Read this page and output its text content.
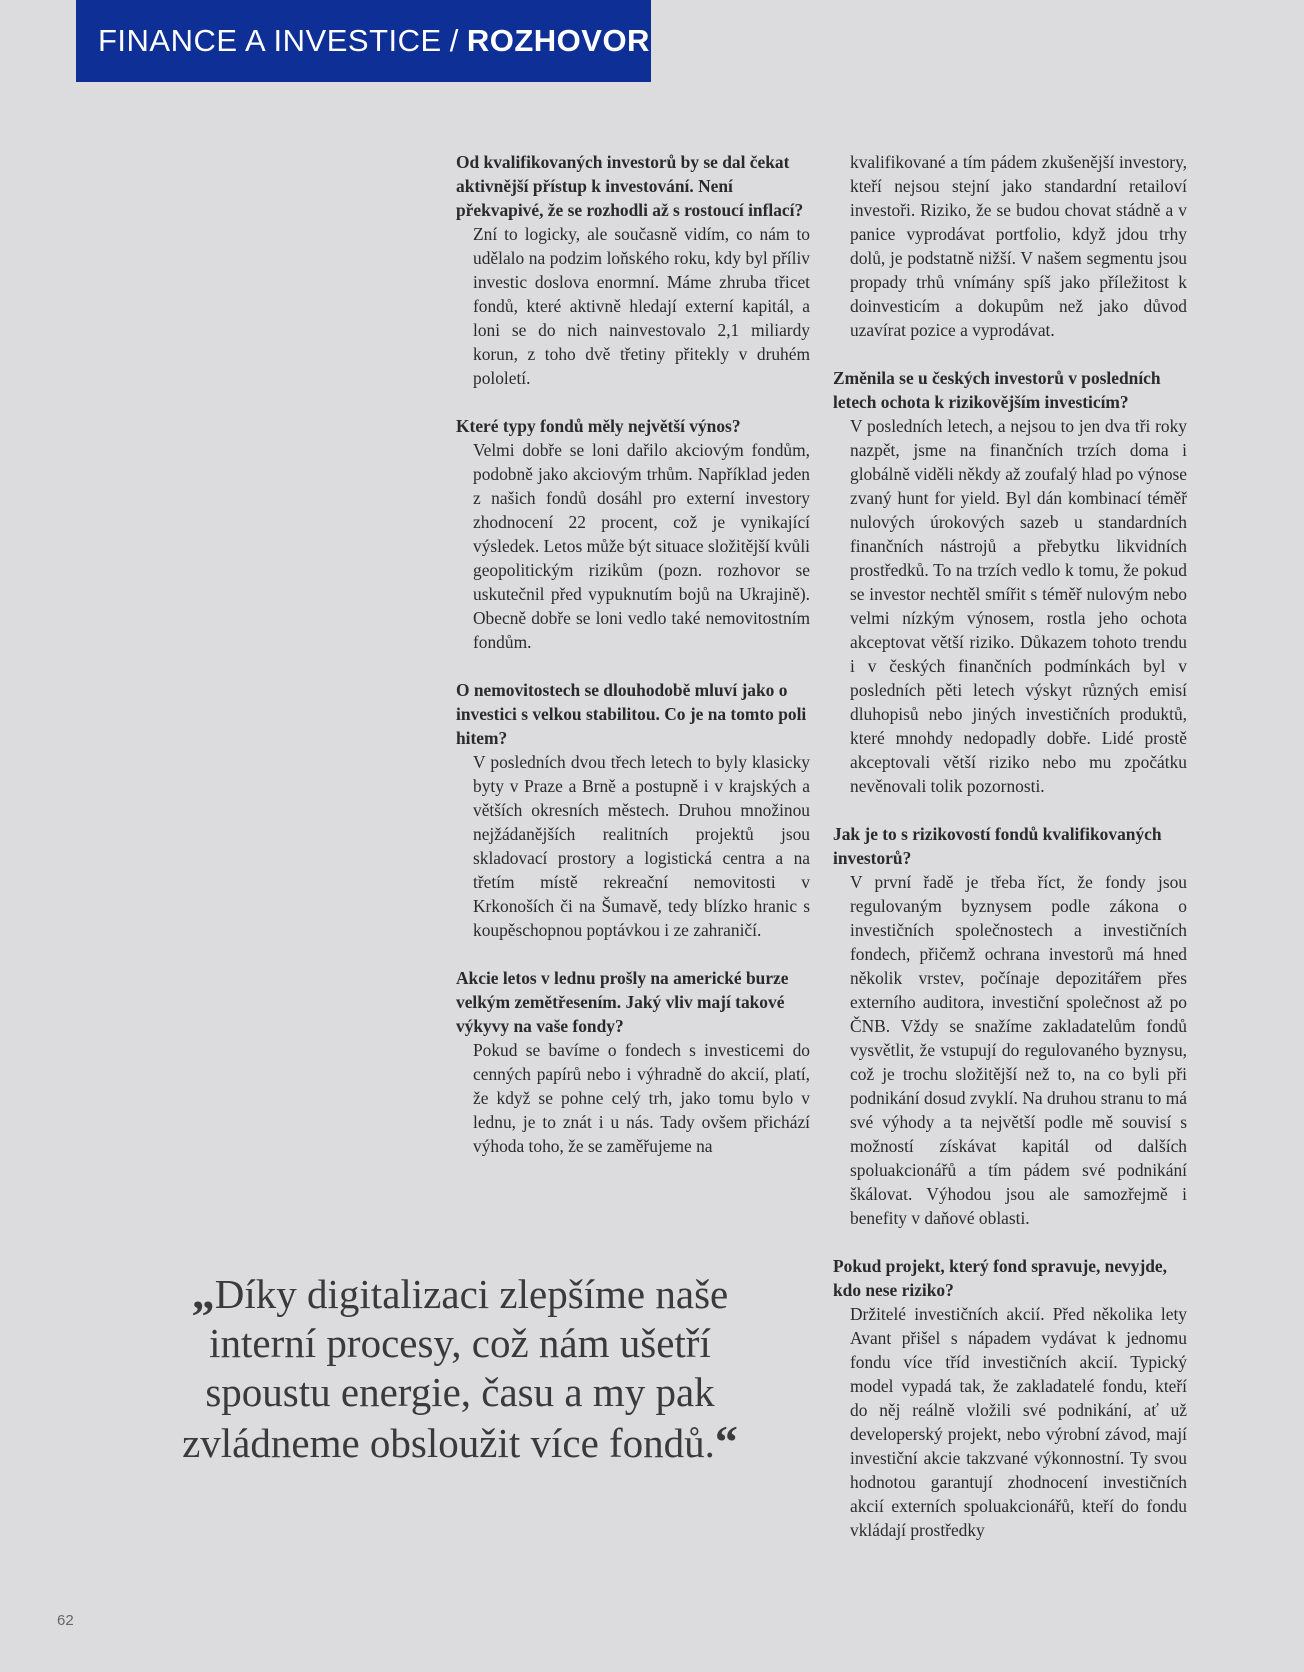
FINANCE A INVESTICE / ROZHOVOR

Od kvalifikovaných investorů by se dal čekat aktivnější přístup k investování. Není překvapivé, že se rozhodli až s rostoucí inflací?

Zní to logicky, ale současně vidím, co nám to udělalo na podzim loňského roku, kdy byl příliv investic doslova enormní. Máme zhruba třicet fondů, které aktivně hledají externí kapitál, a loni se do nich nainvestovalo 2,1 miliardy korun, z toho dvě třetiny přitekly v druhém pololetí.

Které typy fondů měly největší výnos?

Velmi dobře se loni dařilo akciovým fondům, podobně jako akciovým trhům. Například jeden z našich fondů dosáhl pro externí investory zhodnocení 22 procent, což je vynikající výsledek. Letos může být situace složitější kvůli geopolitickým rizikům (pozn. rozhovor se uskutečnil před vypuknutím bojů na Ukrajině). Obecně dobře se loni vedlo také nemovitostním fondům.

O nemovitostech se dlouhodobě mluví jako o investici s velkou stabilitou. Co je na tomto poli hitem?

V posledních dvou třech letech to byly klasicky byty v Praze a Brně a postupně i v krajských a větších okresních městech. Druhou množinou nejžádanějších realitních projektů jsou skladovací prostory a logistická centra a na třetím místě rekreační nemovitosti v Krkonoších či na Šumavě, tedy blízko hranic s koupěschopnou poptávkou i ze zahraničí.

Akcie letos v lednu prošly na americké burze velkým zemětřesením. Jaký vliv mají takové výkyvy na vaše fondy?

Pokud se bavíme o fondech s investicemi do cenných papírů nebo i výhradně do akcií, platí, že když se pohne celý trh, jako tomu bylo v lednu, je to znát i u nás. Tady ovšem přichází výhoda toho, že se zaměřujeme na

kvalifikované a tím pádem zkušenější investory, kteří nejsou stejní jako standardní retailoví investoři. Riziko, že se budou chovat stádně a v panice vyprodávat portfolio, když jdou trhy dolů, je podstatně nižší. V našem segmentu jsou propady trhů vnímány spíš jako příležitost k doinvesticím a dokupům než jako důvod uzavírat pozice a vyprodávat.

Změnila se u českých investorů v posledních letech ochota k rizikovějším investicím?

V posledních letech, a nejsou to jen dva tři roky nazpět, jsme na finančních trzích doma i globálně viděli někdy až zoufalý hlad po výnose zvaný hunt for yield. Byl dán kombinací téměř nulových úrokových sazeb u standardních finančních nástrojů a přebytku likvidních prostředků. To na trzích vedlo k tomu, že pokud se investor nechtěl smířit s téměř nulovým nebo velmi nízkým výnosem, rostla jeho ochota akceptovat větší riziko. Důkazem tohoto trendu i v českých finančních podmínkách byl v posledních pěti letech výskyt různých emisí dluhopisů nebo jiných investičních produktů, které mnohdy nedopadly dobře. Lidé prostě akceptovali větší riziko nebo mu zpočátku nevěnovali tolik pozornosti.

Jak je to s rizikovostí fondů kvalifikovaných investorů?

V první řadě je třeba říct, že fondy jsou regulovaným byznysem podle zákona o investičních společnostech a investičních fondech, přičemž ochrana investorů má hned několik vrstev, počínaje depozitářem přes externího auditora, investiční společnost až po ČNB. Vždy se snažíme zakladatelům fondů vysvětlit, že vstupují do regulovaného byznysu, což je trochu složitější než to, na co byli při podnikání dosud zvyklí. Na druhou stranu to má své výhody a ta největší podle mě souvisí s možností získávat kapitál od dalších spoluakcionářů a tím pádem své podnikání škálovat. Výhodou jsou ale samozřejmě i benefity v daňové oblasti.

Pokud projekt, který fond spravuje, nevyjde, kdo nese riziko?

Držitelé investičních akcií. Před několika lety Avant přišel s nápadem vydávat k jednomu fondu více tříd investičních akcií. Typický model vypadá tak, že zakladatelé fondu, kteří do něj reálně vložili své podnikání, ať už developerský projekt, nebo výrobní závod, mají investiční akcie takzvané výkonnostní. Ty svou hodnotou garantují zhodnocení investičních akcií externích spoluakcionářů, kteří do fondu vkládají prostředky

„Díky digitalizaci zlepšíme naše interní procesy, což nám ušetří spoustu energie, času a my pak zvládneme obsloužit více fondů.“
62
